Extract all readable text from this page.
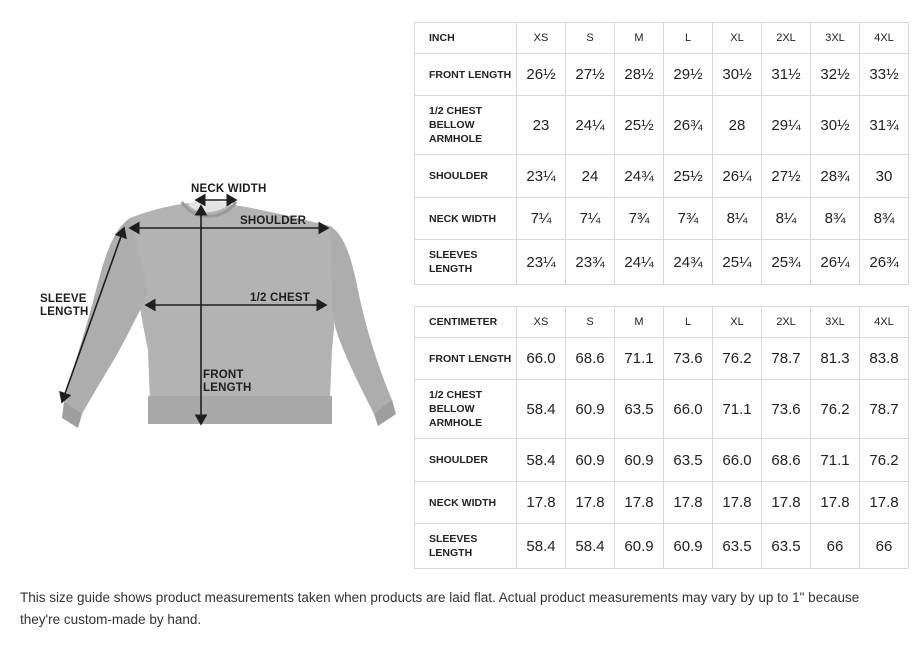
NECK WIDTH
SHOULDER
SLEEVE LENGTH
1/2 CHEST
FRONT LENGTH
INCH	XS	S	M	L	XL	2XL	3XL	4XL
FRONT LENGTH	26½	27½	28½	29½	30½	31½	32½	33½
1/2 CHEST BELLOW ARMHOLE	23	24¼	25½	26¾	28	29¼	30½	31¾
SHOULDER	23¼	24	24¾	25½	26¼	27½	28¾	30
NECK WIDTH	7¼	7¼	7¾	7¾	8¼	8¼	8¾	8¾
SLEEVES LENGTH	23¼	23¾	24¼	24¾	25¼	25¾	26¼	26¾
CENTIMETER	XS	S	M	L	XL	2XL	3XL	4XL
FRONT LENGTH	66.0	68.6	71.1	73.6	76.2	78.7	81.3	83.8
1/2 CHEST BELLOW ARMHOLE	58.4	60.9	63.5	66.0	71.1	73.6	76.2	78.7
SHOULDER	58.4	60.9	60.9	63.5	66.0	68.6	71.1	76.2
NECK WIDTH	17.8	17.8	17.8	17.8	17.8	17.8	17.8	17.8
SLEEVES LENGTH	58.4	58.4	60.9	60.9	63.5	63.5	66	66
This size guide shows product measurements taken when products are laid flat. Actual product measurements may vary by up to 1" because they're custom-made by hand.
